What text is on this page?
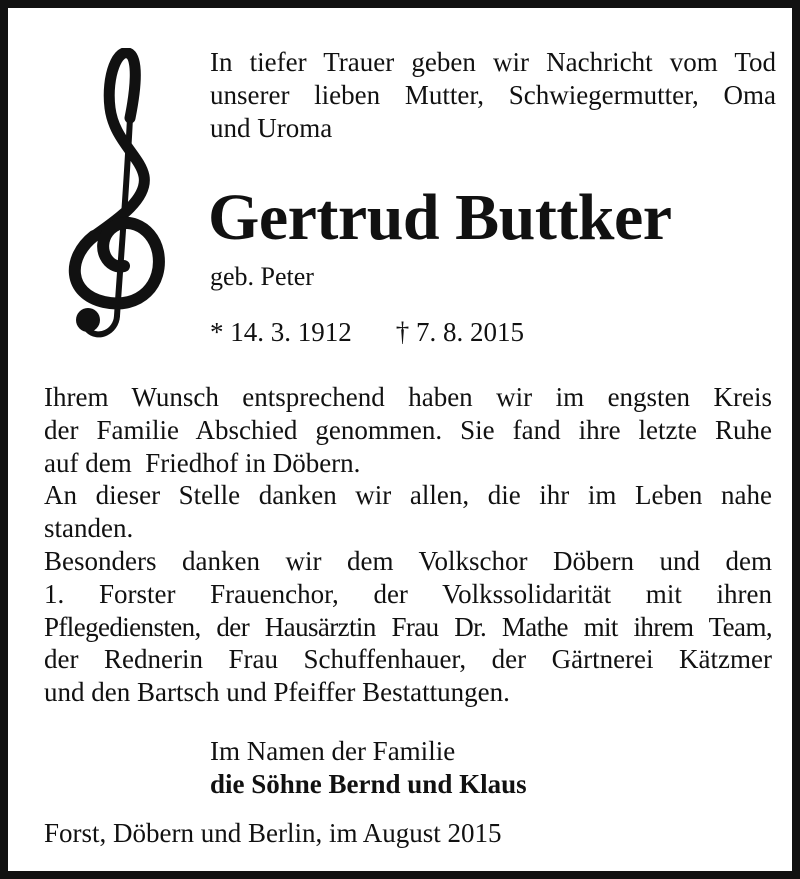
In tiefer Trauer geben wir Nachricht vom Tod
unserer lieben Mutter, Schwiegermutter, Oma
und Uroma

Gertrud Buttker

geb. Peter

* 14. 3. 1912 † 7. 8. 2015

Ihrem Wunsch entsprechend haben wir im engsten Kreis
der Familie Abschied genommen. Sie fand ihre letzte Ruhe
auf dem  Friedhof in Döbern.
An dieser Stelle danken wir allen, die ihr im Leben nahe
standen.
Besonders danken wir dem Volkschor Döbern und dem
1. Forster Frauenchor, der Volkssolidarität mit ihren
Pflegediensten, der Hausärztin Frau Dr. Mathe mit ihrem Team,
der Rednerin Frau Schuffenhauer, der Gärtnerei Kätzmer
und den Bartsch und Pfeiffer Bestattungen.

Im Namen der Familie
die Söhne Bernd und Klaus

Forst, Döbern und Berlin, im August 2015
